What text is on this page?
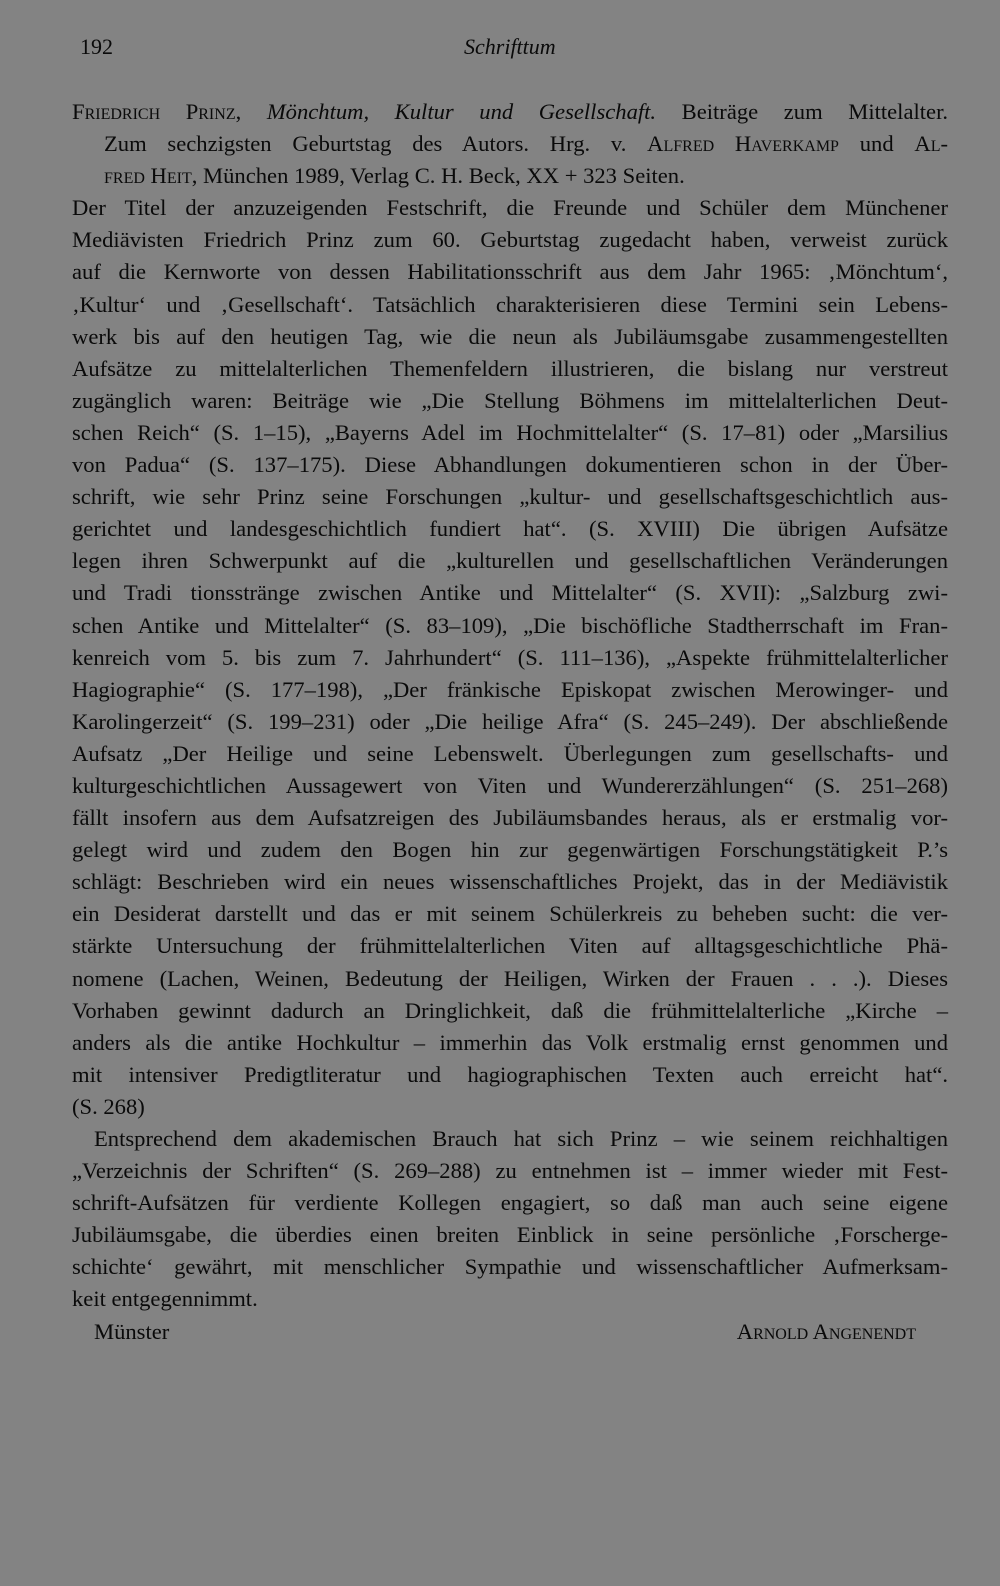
192	Schrifttum
Friedrich Prinz, Mönchtum, Kultur und Gesellschaft. Beiträge zum Mittelalter.
Zum sechzigsten Geburtstag des Autors. Hrg. v. Alfred Haverkamp und Al-
fred Heit, München 1989, Verlag C. H. Beck, XX + 323 Seiten.
Der Titel der anzuzeigenden Festschrift, die Freunde und Schüler dem Münchener
Mediävisten Friedrich Prinz zum 60. Geburtstag zugedacht haben, verweist zurück
auf die Kernworte von dessen Habilitationsschrift aus dem Jahr 1965: ‚Mönchtum‘,
‚Kultur‘ und ‚Gesellschaft‘. Tatsächlich charakterisieren diese Termini sein Lebens-
werk bis auf den heutigen Tag, wie die neun als Jubiläumsgabe zusammengestellten
Aufsätze zu mittelalterlichen Themenfeldern illustrieren, die bislang nur verstreut
zugänglich waren: Beiträge wie „Die Stellung Böhmens im mittelalterlichen Deut-
schen Reich“ (S. 1–15), „Bayerns Adel im Hochmittelalter“ (S. 17–81) oder „Marsilius
von Padua“ (S. 137–175). Diese Abhandlungen dokumentieren schon in der Über-
schrift, wie sehr Prinz seine Forschungen „kultur- und gesellschaftsgeschichtlich aus-
gerichtet und landesgeschichtlich fundiert hat“. (S. XVIII) Die übrigen Aufsätze
legen ihren Schwerpunkt auf die „kulturellen und gesellschaftlichen Veränderungen
und Tradi tionsstränge zwischen Antike und Mittelalter“ (S. XVII): „Salzburg zwi-
schen Antike und Mittelalter“ (S. 83–109), „Die bischöfliche Stadtherrschaft im Fran-
kenreich vom 5. bis zum 7. Jahrhundert“ (S. 111–136), „Aspekte frühmittelalterlicher
Hagiographie“ (S. 177–198), „Der fränkische Episkopat zwischen Merowinger- und
Karolingerzeit“ (S. 199–231) oder „Die heilige Afra“ (S. 245–249). Der abschließende
Aufsatz „Der Heilige und seine Lebenswelt. Überlegungen zum gesellschafts- und
kulturgeschichtlichen Aussagewert von Viten und Wundererzählungen“ (S. 251–268)
fällt insofern aus dem Aufsatzreigen des Jubiläumsbandes heraus, als er erstmalig vor-
gelegt wird und zudem den Bogen hin zur gegenwärtigen Forschungstätigkeit P.’s
schlägt: Beschrieben wird ein neues wissenschaftliches Projekt, das in der Mediävistik
ein Desiderat darstellt und das er mit seinem Schülerkreis zu beheben sucht: die ver-
stärkte Untersuchung der frühmittelalterlichen Viten auf alltagsgeschichtliche Phä-
nomene (Lachen, Weinen, Bedeutung der Heiligen, Wirken der Frauen . . .). Dieses
Vorhaben gewinnt dadurch an Dringlichkeit, daß die frühmittelalterliche „Kirche –
anders als die antike Hochkultur – immerhin das Volk erstmalig ernst genommen und
mit intensiver Predigtliteratur und hagiographischen Texten auch erreicht hat“.
(S. 268)
Entsprechend dem akademischen Brauch hat sich Prinz – wie seinem reichhaltigen
„Verzeichnis der Schriften“ (S. 269–288) zu entnehmen ist – immer wieder mit Fest-
schrift-Aufsätzen für verdiente Kollegen engagiert, so daß man auch seine eigene
Jubiläumsgabe, die überdies einen breiten Einblick in seine persönliche ‚Forscherge-
schichte‘ gewährt, mit menschlicher Sympathie und wissenschaftlicher Aufmerksam-
keit entgegennimmt.
Münster	Arnold Angenendt
